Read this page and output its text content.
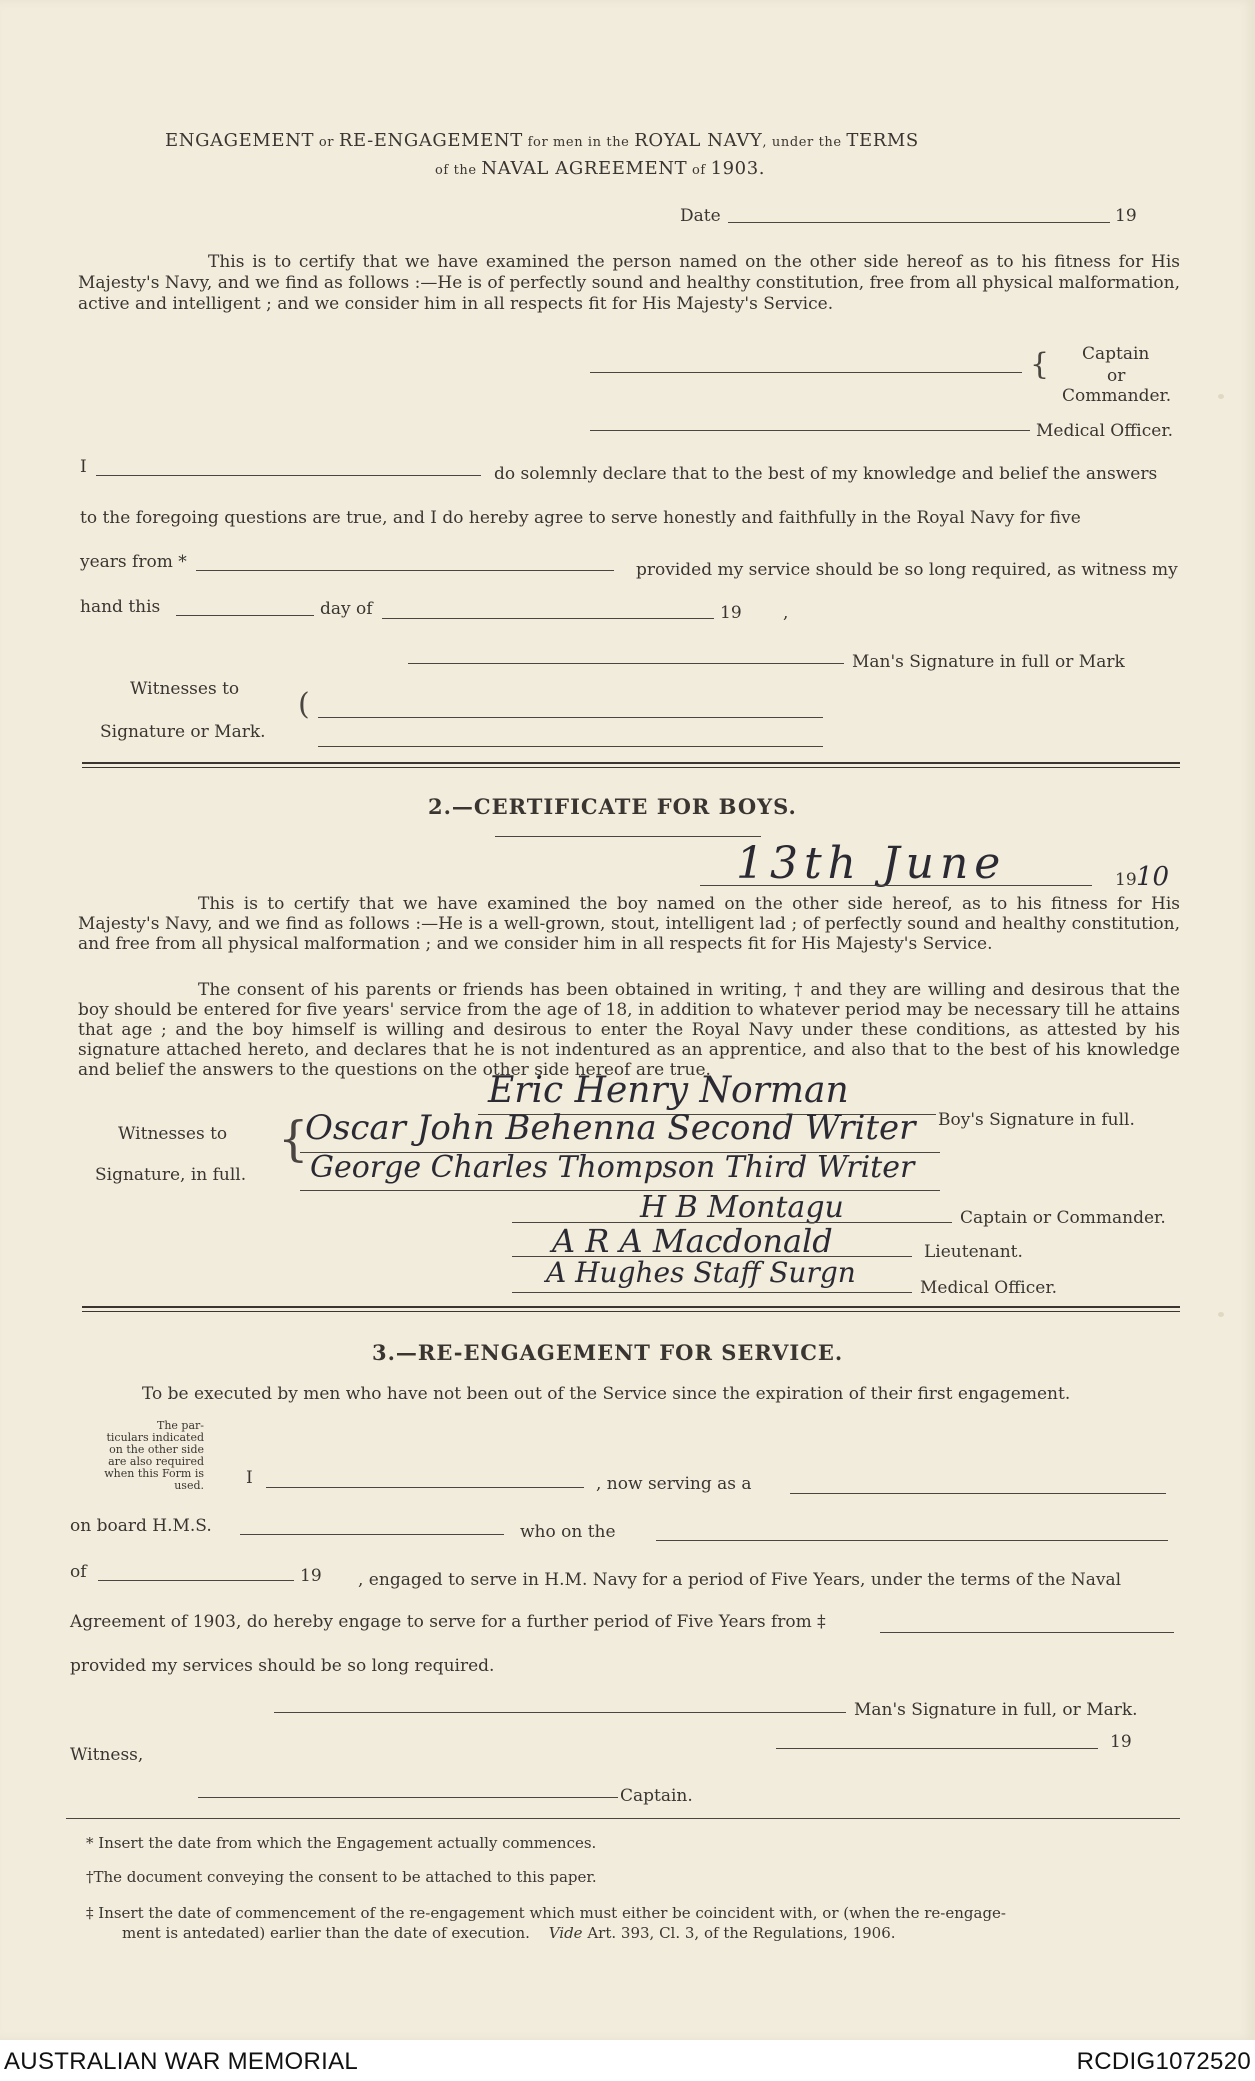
ENGAGEMENT or RE-ENGAGEMENT for men in the ROYAL NAVY, under the TERMS
of the NAVAL AGREEMENT of 1903.
Date	19
This is to certify that we have examined the person named on the other side hereof as to his fitness for His Majesty's Navy, and we find as follows :—He is of perfectly sound and healthy constitution, free from all physical malformation, active and intelligent ; and we consider him in all respects fit for His Majesty's Service.
{ Captain
or
Commander.
Medical Officer.
I	do solemnly declare that to the best of my knowledge and belief the answers
to the foregoing questions are true, and I do hereby agree to serve honestly and faithfully in the Royal Navy for five
years from *	provided my service should be so long required, as witness my
hand this	day of	19 ,
Man's Signature in full or Mark
Witnesses to
Signature or Mark.
(
2.—CERTIFICATE FOR BOYS.
13th June	19 10
This is to certify that we have examined the boy named on the other side hereof, as to his fitness for His Majesty's Navy, and we find as follows :—He is a well-grown, stout, intelligent lad ; of perfectly sound and healthy constitution, and free from all physical malformation ; and we consider him in all respects fit for His Majesty's Service.
The consent of his parents or friends has been obtained in writing, † and they are willing and desirous that the boy should be entered for five years' service from the age of 18, in addition to whatever period may be necessary till he attains that age ; and the boy himself is willing and desirous to enter the Royal Navy under these conditions, as attested by his signature attached hereto, and declares that he is not indentured as an apprentice, and also that to the best of his knowledge and belief the answers to the questions on the other side hereof are true.
Eric Henry Norman
Boy's Signature in full.
Witnesses to
Signature, in full.
{
Oscar John Behenna Second Writer
George Charles Thompson Third Writer
H B Montagu	Captain or Commander.
A R A Macdonald	Lieutenant.
A Hughes Staff Surgn	Medical Officer.
3.—RE-ENGAGEMENT FOR SERVICE.
To be executed by men who have not been out of the Service since the expiration of their first engagement.
The par-
ticulars indicated
on the other side
are also required
when this Form is
used. I	, now serving as a
on board H.M.S.	who on the
of	19 , engaged to serve in H.M. Navy for a period of Five Years, under the terms of the Naval
Agreement of 1903, do hereby engage to serve for a further period of Five Years from ‡
provided my services should be so long required.
Man's Signature in full, or Mark.
19
Witness,
Captain.
* Insert the date from which the Engagement actually commences.
†The document conveying the consent to be attached to this paper.
‡ Insert the date of commencement of the re-engagement which must either be coincident with, or (when the re-engage-
ment is antedated) earlier than the date of execution. Vide Art. 393, Cl. 3, of the Regulations, 1906.
AUSTRALIAN WAR MEMORIAL	RCDIG1072520
